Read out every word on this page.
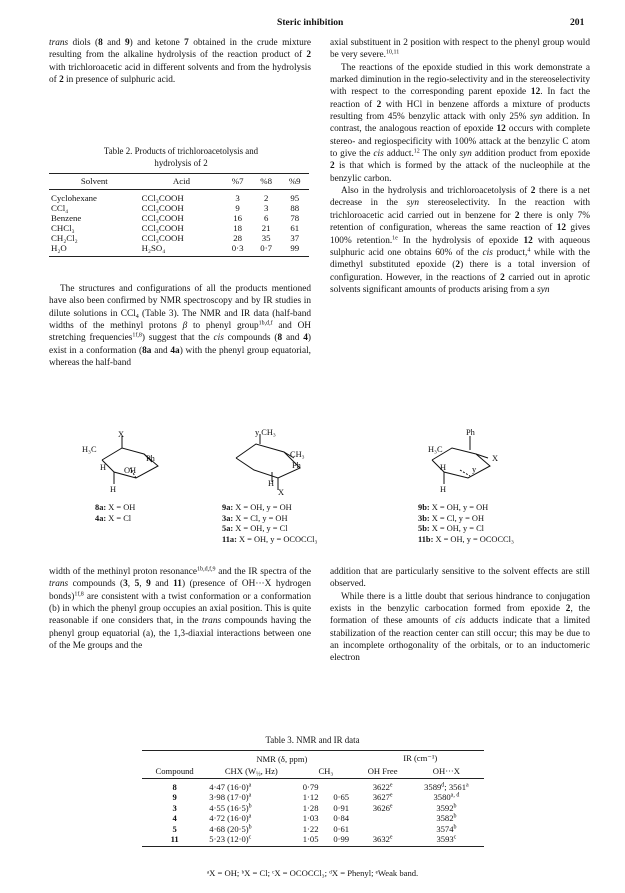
Steric inhibition	201

trans diols (8 and 9) and ketone 7 obtained in the crude mixture resulting from the alkaline hydrolysis of the reaction product of 2 with trichloroacetic acid in different solvents and from the hydrolysis of 2 in presence of sulphuric acid.

Table 2. Products of trichloroacetolysis and
hydrolysis of 2
Solvent	Acid	%7	%8	%9
Cyclohexane	CCl₃COOH	3	2	95
CCl₄	CCl₃COOH	9	3	88
Benzene	CCl₃COOH	16	6	78
CHCl₃	CCl₃COOH	18	21	61
CH₂Cl₂	CCl₃COOH	28	35	37
H₂O	H₂SO₄	0·3	0·7	99

The structures and configurations of all the products mentioned have also been confirmed by NMR spectroscopy and by IR studies in dilute solutions in CCl$_4$ (Table 3). The NMR and IR data (half-band widths of the methinyl protons β to phenyl group$^{1b,d,f}$ and OH stretching frequencies$^{1f,8}$) suggest that the cis compounds (8 and 4) exist in a conformation (8a and 4a) with the phenyl group equatorial, whereas the half-band

axial substituent in 2 position with respect to the phenyl group would be very severe.$^{10,11}$

The reactions of the epoxide studied in this work demonstrate a marked diminution in the regio-selectivity and in the stereoselectivity with respect to the corresponding parent epoxide 12. In fact the reaction of 2 with HCl in benzene affords a mixture of products resulting from 45% benzylic attack with only 25% syn addition. In contrast, the analogous reaction of epoxide 12 occurs with complete stereo- and regiospecificity with 100% attack at the benzylic C atom to give the cis adduct.$^{12}$ The only syn addition product from epoxide 2 is that which is formed by the attack of the nucleophile at the benzylic carbon.

Also in the hydrolysis and trichloroacetolysis of 2 there is a net decrease in the syn stereoselectivity. In the reaction with trichloroacetic acid carried out in benzene for 2 there is only 7% retention of configuration, whereas the same reaction of 12 gives 100% retention.$^{1e}$ In the hydrolysis of epoxide 12 with aqueous sulphuric acid one obtains 60% of the cis product,$^4$ while with the dimethyl substituted epoxide (2) there is a total inversion of configuration. However, in the reactions of 2 carried out in aprotic solvents significant amounts of products arising from a syn

X
H₃C
Ph
H OH
H
y CH₃
CH₃
Ph
H
X
Ph
H₃C
X
H	y
H
8a: X = OH
4a: X = Cl
9a: X = OH, y = OH
3a: X = Cl, y = OH
5a: X = OH, y = Cl
11a: X = OH, y = OCOCCl₃
9b: X = OH, y = OH
3b: X = Cl, y = OH
5b: X = OH, y = Cl
11b: X = OH, y = OCOCCl₃

width of the methinyl proton resonance$^{1b,d,f,9}$ and the IR spectra of the trans compounds (3, 5, 9 and 11) (presence of OH···X hydrogen bonds)$^{1f,8}$ are consistent with a twist conformation or a conformation (b) in which the phenyl group occupies an axial position. This is quite reasonable if one considers that, in the trans compounds having the phenyl group equatorial (a), the 1,3-diaxial interactions between one of the Me groups and the

addition that are particularly sensitive to the solvent effects are still observed.

While there is a little doubt that serious hindrance to conjugation exists in the benzylic carbocation formed from epoxide 2, the formation of these amounts of cis adducts indicate that a limited stabilization of the reaction center can still occur; this may be due to an incomplete orthogonality of the orbitals, or to an inductomeric electron

Table 3. NMR and IR data
	NMR (δ, ppm)			IR (cm⁻¹)	
Compound	CHX ($W_{\frac{1}{2}}$, Hz)	CH₃		OH Free	OH···X
8	4·47 $(16\cdot 0)^a$	0·79		3622e	3589$^d$; 3561$^a$
9	3·98 $(17\cdot 0)^a$	1·12	0·65	3627e	3580$^{a, d}$
3	4·55 $(16\cdot 5)^b$	1·28	0·91	3626e	3592$^b$
4	4·72 $(16\cdot 0)^a$	1·03	0·84		3582$^b$
5	4·68 $(20\cdot 5)^b$	1·22	0·61		3574$^b$
11	5·23 $(12\cdot 0)^c$	1·05	0·99	3632e	3593$^c$
ᵃX = OH; ᵇX = Cl; ᶜX = OCOCCl₃; ᵈX = Phenyl; ᵉWeak band.
